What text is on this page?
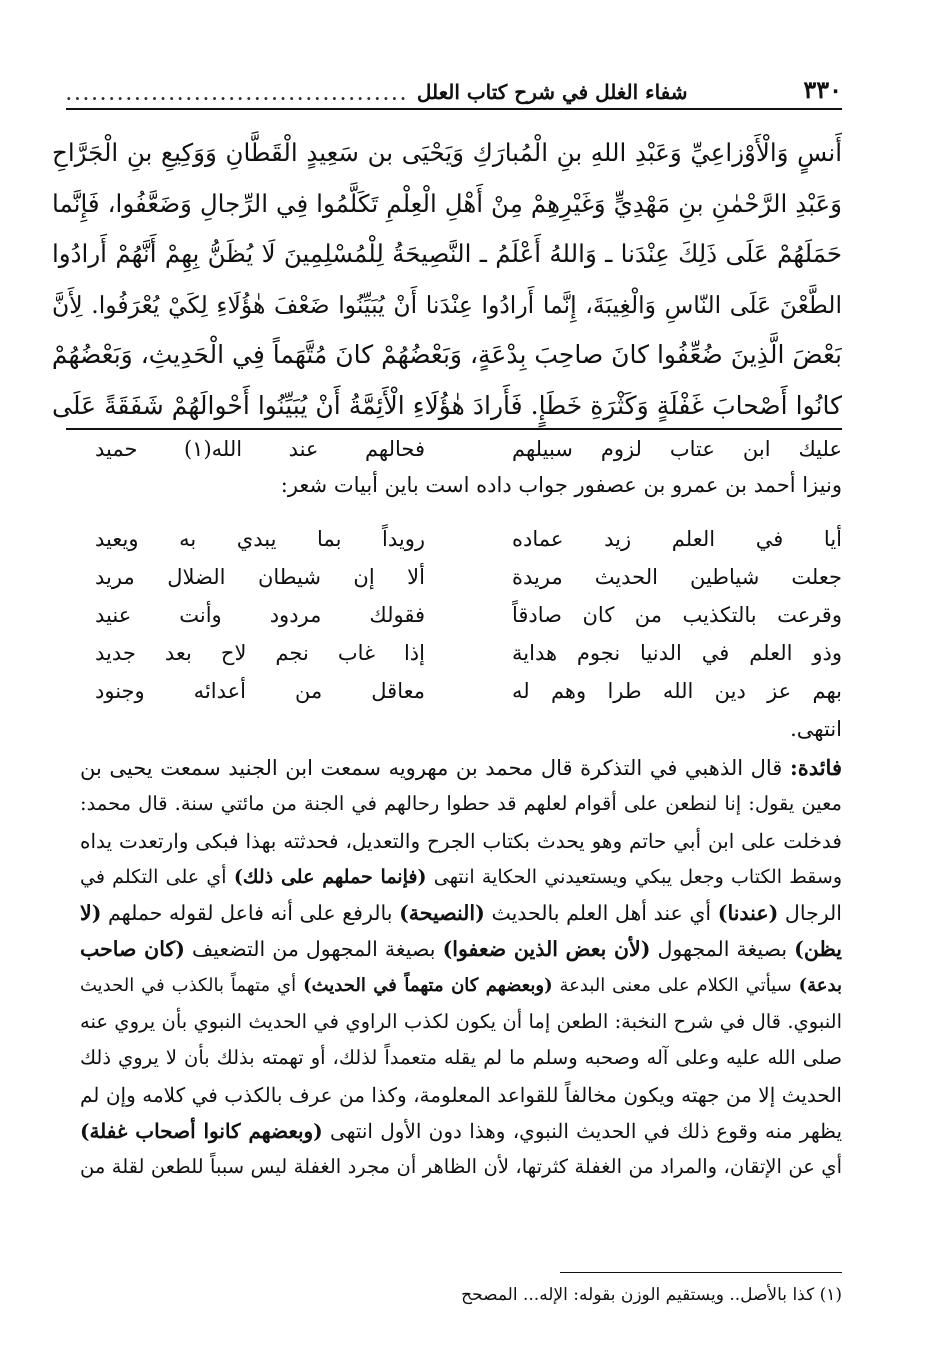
٣٣٠
شفاء الغلل في شرح كتاب العلل
........................................
أَنسٍ وَالْأَوْزاعِيِّ وَعَبْدِ اللهِ بنِ الْمُبارَكِ وَيَحْيَى بن سَعِيدٍ الْقَطَّانِ وَوَكِيعِ بنِ الْجَرَّاحِ
وَعَبْدِ الرَّحْمٰنِ بنِ مَهْدِيٍّ وَغَيْرِهِمْ مِنْ أَهْلِ الْعِلْمِ تَكَلَّمُوا فِي الرِّجالِ وَضَعَّفُوا، فَإِنَّما
حَمَلَهُمْ عَلَى ذَلِكَ عِنْدَنا ـ وَاللهُ أَعْلَمُ ـ النَّصِيحَةُ لِلْمُسْلِمِينَ لَا يُظَنُّ بِهِمْ أَنَّهُمْ أَرادُوا
الطَّعْنَ عَلَى النّاسِ وَالْغِيبَةَ، إِنَّما أَرادُوا عِنْدَنا أَنْ يُبَيِّنُوا ضَعْفَ هٰؤُلَاءِ لِكَيْ يُعْرَفُوا. لِأَنَّ
بَعْضَ الَّذِينَ ضُعِّفُوا كانَ صاحِبَ بِدْعَةٍ، وَبَعْضُهُمْ كانَ مُتَّهَماً فِي الْحَدِيثِ، وَبَعْضُهُمْ
كانُوا أَصْحابَ غَفْلَةٍ وَكَثْرَةِ خَطَإٍ. فَأَرادَ هٰؤُلَاءِ الْأَئِمَّةُ أَنْ يُبَيِّنُوا أَحْوالَهُمْ شَفَقَةً عَلَى
عليك ابن عتاب لزوم سبيلهم
فحالهم عند الله(١) حميد
ونيزا أحمد بن عمرو بن عصفور جواب داده است باين أبيات شعر:
أيا في العلم زيد عماده
رويداً بما يبدي به ويعيد
جعلت شياطين الحديث مريدة
ألا إن شيطان الضلال مريد
وقرعت بالتكذيب من كان صادقاً
فقولك مردود وأنت عنيد
وذو العلم في الدنيا نجوم هداية
إذا غاب نجم لاح بعد جديد
بهم عز دين الله طرا وهم له
معاقل من أعدائه وجنود
انتهى.
فائدة: قال الذهبي في التذكرة قال محمد بن مهرويه سمعت ابن الجنيد سمعت يحيى بن
معين يقول: إنا لنطعن على أقوام لعلهم قد حطوا رحالهم في الجنة من مائتي سنة. قال محمد:
فدخلت على ابن أبي حاتم وهو يحدث بكتاب الجرح والتعديل، فحدثته بهذا فبكى وارتعدت يداه
وسقط الكتاب وجعل يبكي ويستعيدني الحكاية انتهى (فإنما حملهم على ذلك) أي على التكلم في
الرجال (عندنا) أي عند أهل العلم بالحديث (النصيحة) بالرفع على أنه فاعل لقوله حملهم (لا
يظن) بصيغة المجهول (لأن بعض الذين ضعفوا) بصيغة المجهول من التضعيف (كان صاحب
بدعة) سيأتي الكلام على معنى البدعة (وبعضهم كان متهماً في الحديث) أي متهماً بالكذب في الحديث
النبوي. قال في شرح النخبة: الطعن إما أن يكون لكذب الراوي في الحديث النبوي بأن يروي عنه
صلى الله عليه وعلى آله وصحبه وسلم ما لم يقله متعمداً لذلك، أو تهمته بذلك بأن لا يروي ذلك
الحديث إلا من جهته ويكون مخالفاً للقواعد المعلومة، وكذا من عرف بالكذب في كلامه وإن لم
يظهر منه وقوع ذلك في الحديث النبوي، وهذا دون الأول انتهى (وبعضهم كانوا أصحاب غفلة)
أي عن الإتقان، والمراد من الغفلة كثرتها، لأن الظاهر أن مجرد الغفلة ليس سبباً للطعن لقلة من
(١) كذا بالأصل.. ويستقيم الوزن بقوله: الإله... المصحح
